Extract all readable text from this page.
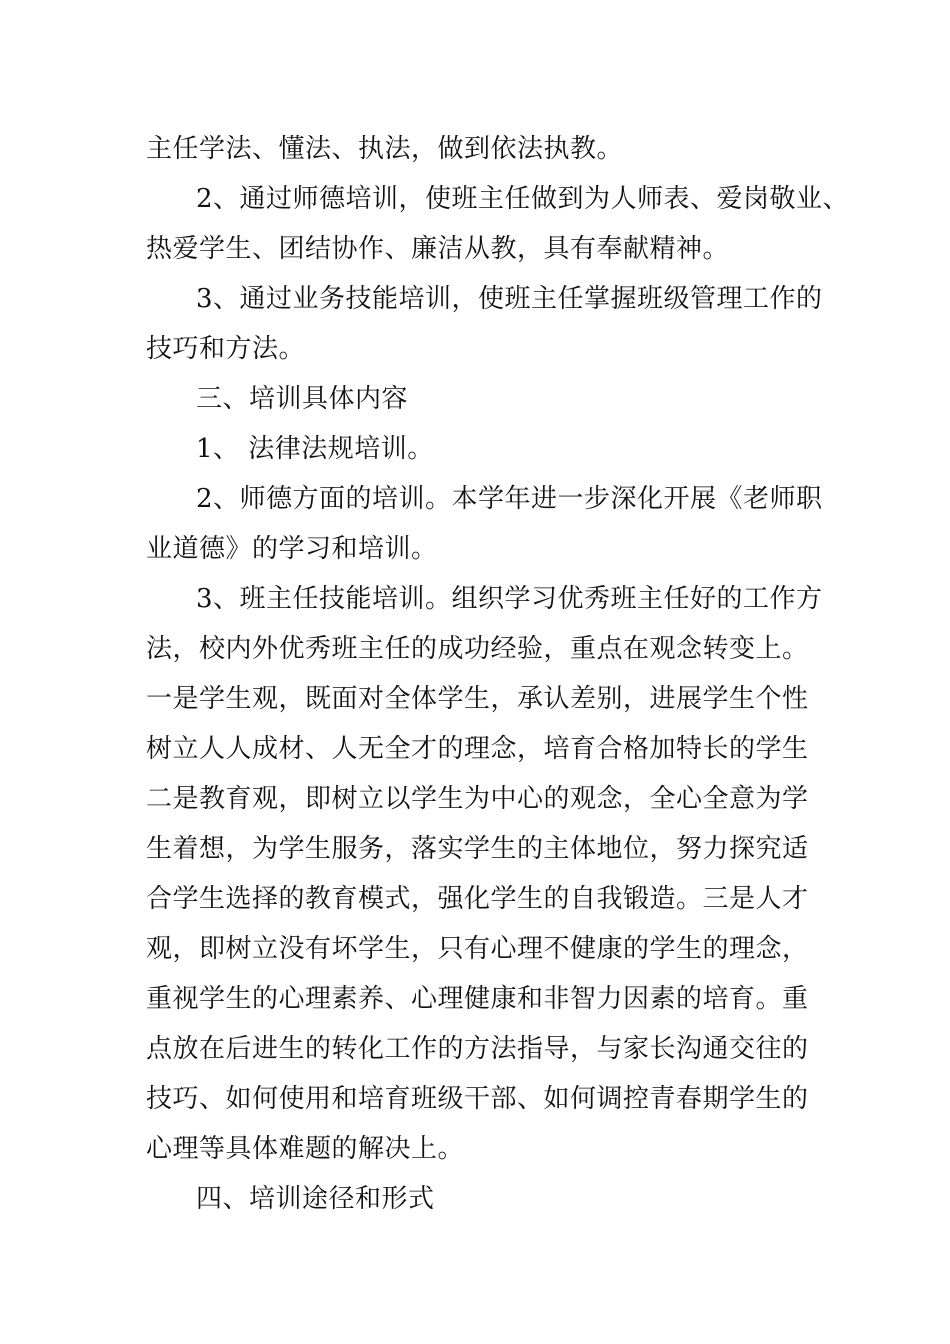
主任学法、懂法、执法，做到依法执教。
2、通过师德培训，使班主任做到为人师表、爱岗敬业、
热爱学生、团结协作、廉洁从教，具有奉献精神。
3、通过业务技能培训，使班主任掌握班级管理工作的
技巧和方法。
三、培训具体内容
1、 法律法规培训。
2、师德方面的培训。本学年进一步深化开展《老师职
业道德》的学习和培训。
3、班主任技能培训。组织学习优秀班主任好的工作方
法，校内外优秀班主任的成功经验，重点在观念转变上。
一是学生观，既面对全体学生，承认差别，进展学生个性
树立人人成材、人无全才的理念，培育合格加特长的学生
二是教育观，即树立以学生为中心的观念，全心全意为学
生着想，为学生服务，落实学生的主体地位，努力探究适
合学生选择的教育模式，强化学生的自我锻造。三是人才
观，即树立没有坏学生，只有心理不健康的学生的理念，
重视学生的心理素养、心理健康和非智力因素的培育。重
点放在后进生的转化工作的方法指导，与家长沟通交往的
技巧、如何使用和培育班级干部、如何调控青春期学生的
心理等具体难题的解决上。
四、培训途径和形式
